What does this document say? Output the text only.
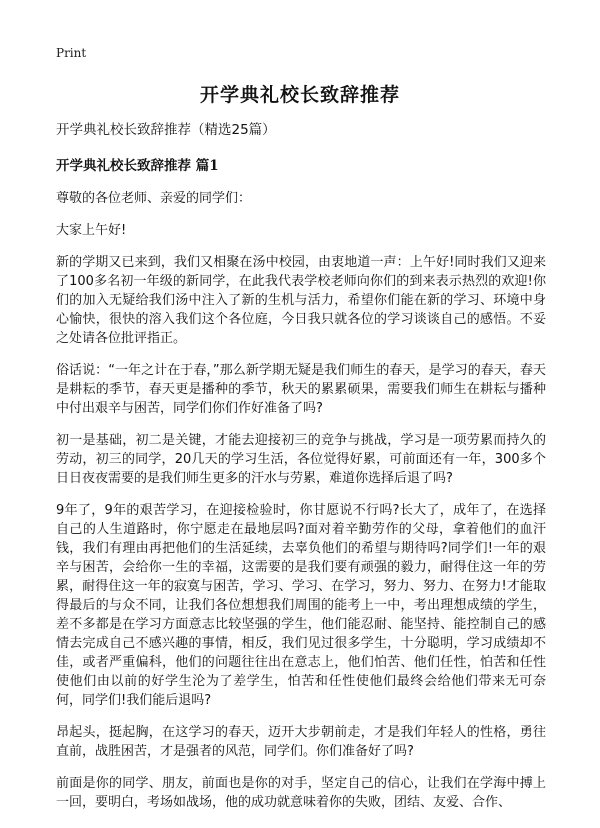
Print
开学典礼校长致辞推荐
开学典礼校长致辞推荐（精选25篇）
开学典礼校长致辞推荐 篇1

尊敬的各位老师、亲爱的同学们：

大家上午好!

新的学期又已来到，我们又相聚在汤中校园，由衷地道一声：上午好!同时我们又迎来了100多名初一年级的新同学，在此我代表学校老师向你们的到来表示热烈的欢迎!你们的加入无疑给我们汤中注入了新的生机与活力，希望你们能在新的学习、环境中身心愉快，很快的溶入我们这个各位庭，今日我只就各位的学习谈谈自己的感悟。不妥之处请各位批评指正。

俗话说：“一年之计在于春，”那么新学期无疑是我们师生的春天，是学习的春天，春天是耕耘的季节，春天更是播种的季节，秋天的累累硕果，需要我们师生在耕耘与播种中付出艰辛与困苦，同学们你们作好准备了吗?

初一是基础，初二是关键，才能去迎接初三的竞争与挑战，学习是一项劳累而持久的劳动，初三的同学，20几天的学习生活，各位觉得好累，可前面还有一年，300多个日日夜夜需要的是我们师生更多的汗水与劳累，难道你选择后退了吗?

9年了，9年的艰苦学习，在迎接检验时，你甘愿说不行吗?长大了，成年了，在选择自己的人生道路时，你宁愿走在最地层吗?面对着辛勤劳作的父母，拿着他们的血汗钱，我们有理由再把他们的生活延续，去辜负他们的希望与期待吗?同学们!一年的艰辛与困苦，会给你一生的幸福，这需要的是我们要有顽强的毅力，耐得住这一年的劳累，耐得住这一年的寂寞与困苦，学习、学习、在学习，努力、努力、在努力!才能取得最后的与众不同，让我们各位想想我们周围的能考上一中，考出理想成绩的学生，差不多都是在学习方面意志比较坚强的学生，他们能忍耐、能坚持、能控制自己的感情去完成自己不感兴趣的事情，相反，我们见过很多学生，十分聪明，学习成绩却不佳，或者严重偏科，他们的问题往往出在意志上，他们怕苦、他们任性，怕苦和任性使他们由以前的好学生沦为了差学生，怕苦和任性使他们最终会给他们带来无可奈何，同学们!我们能后退吗?

昂起头，挺起胸，在这学习的春天，迈开大步朝前走，才是我们年轻人的性格，勇往直前，战胜困苦，才是强者的风范，同学们。你们准备好了吗?

前面是你的同学、朋友，前面也是你的对手，坚定自己的信心，让我们在学海中搏上一回，要明白，考场如战场，他的成功就意味着你的失败，团结、友爱、合作、
